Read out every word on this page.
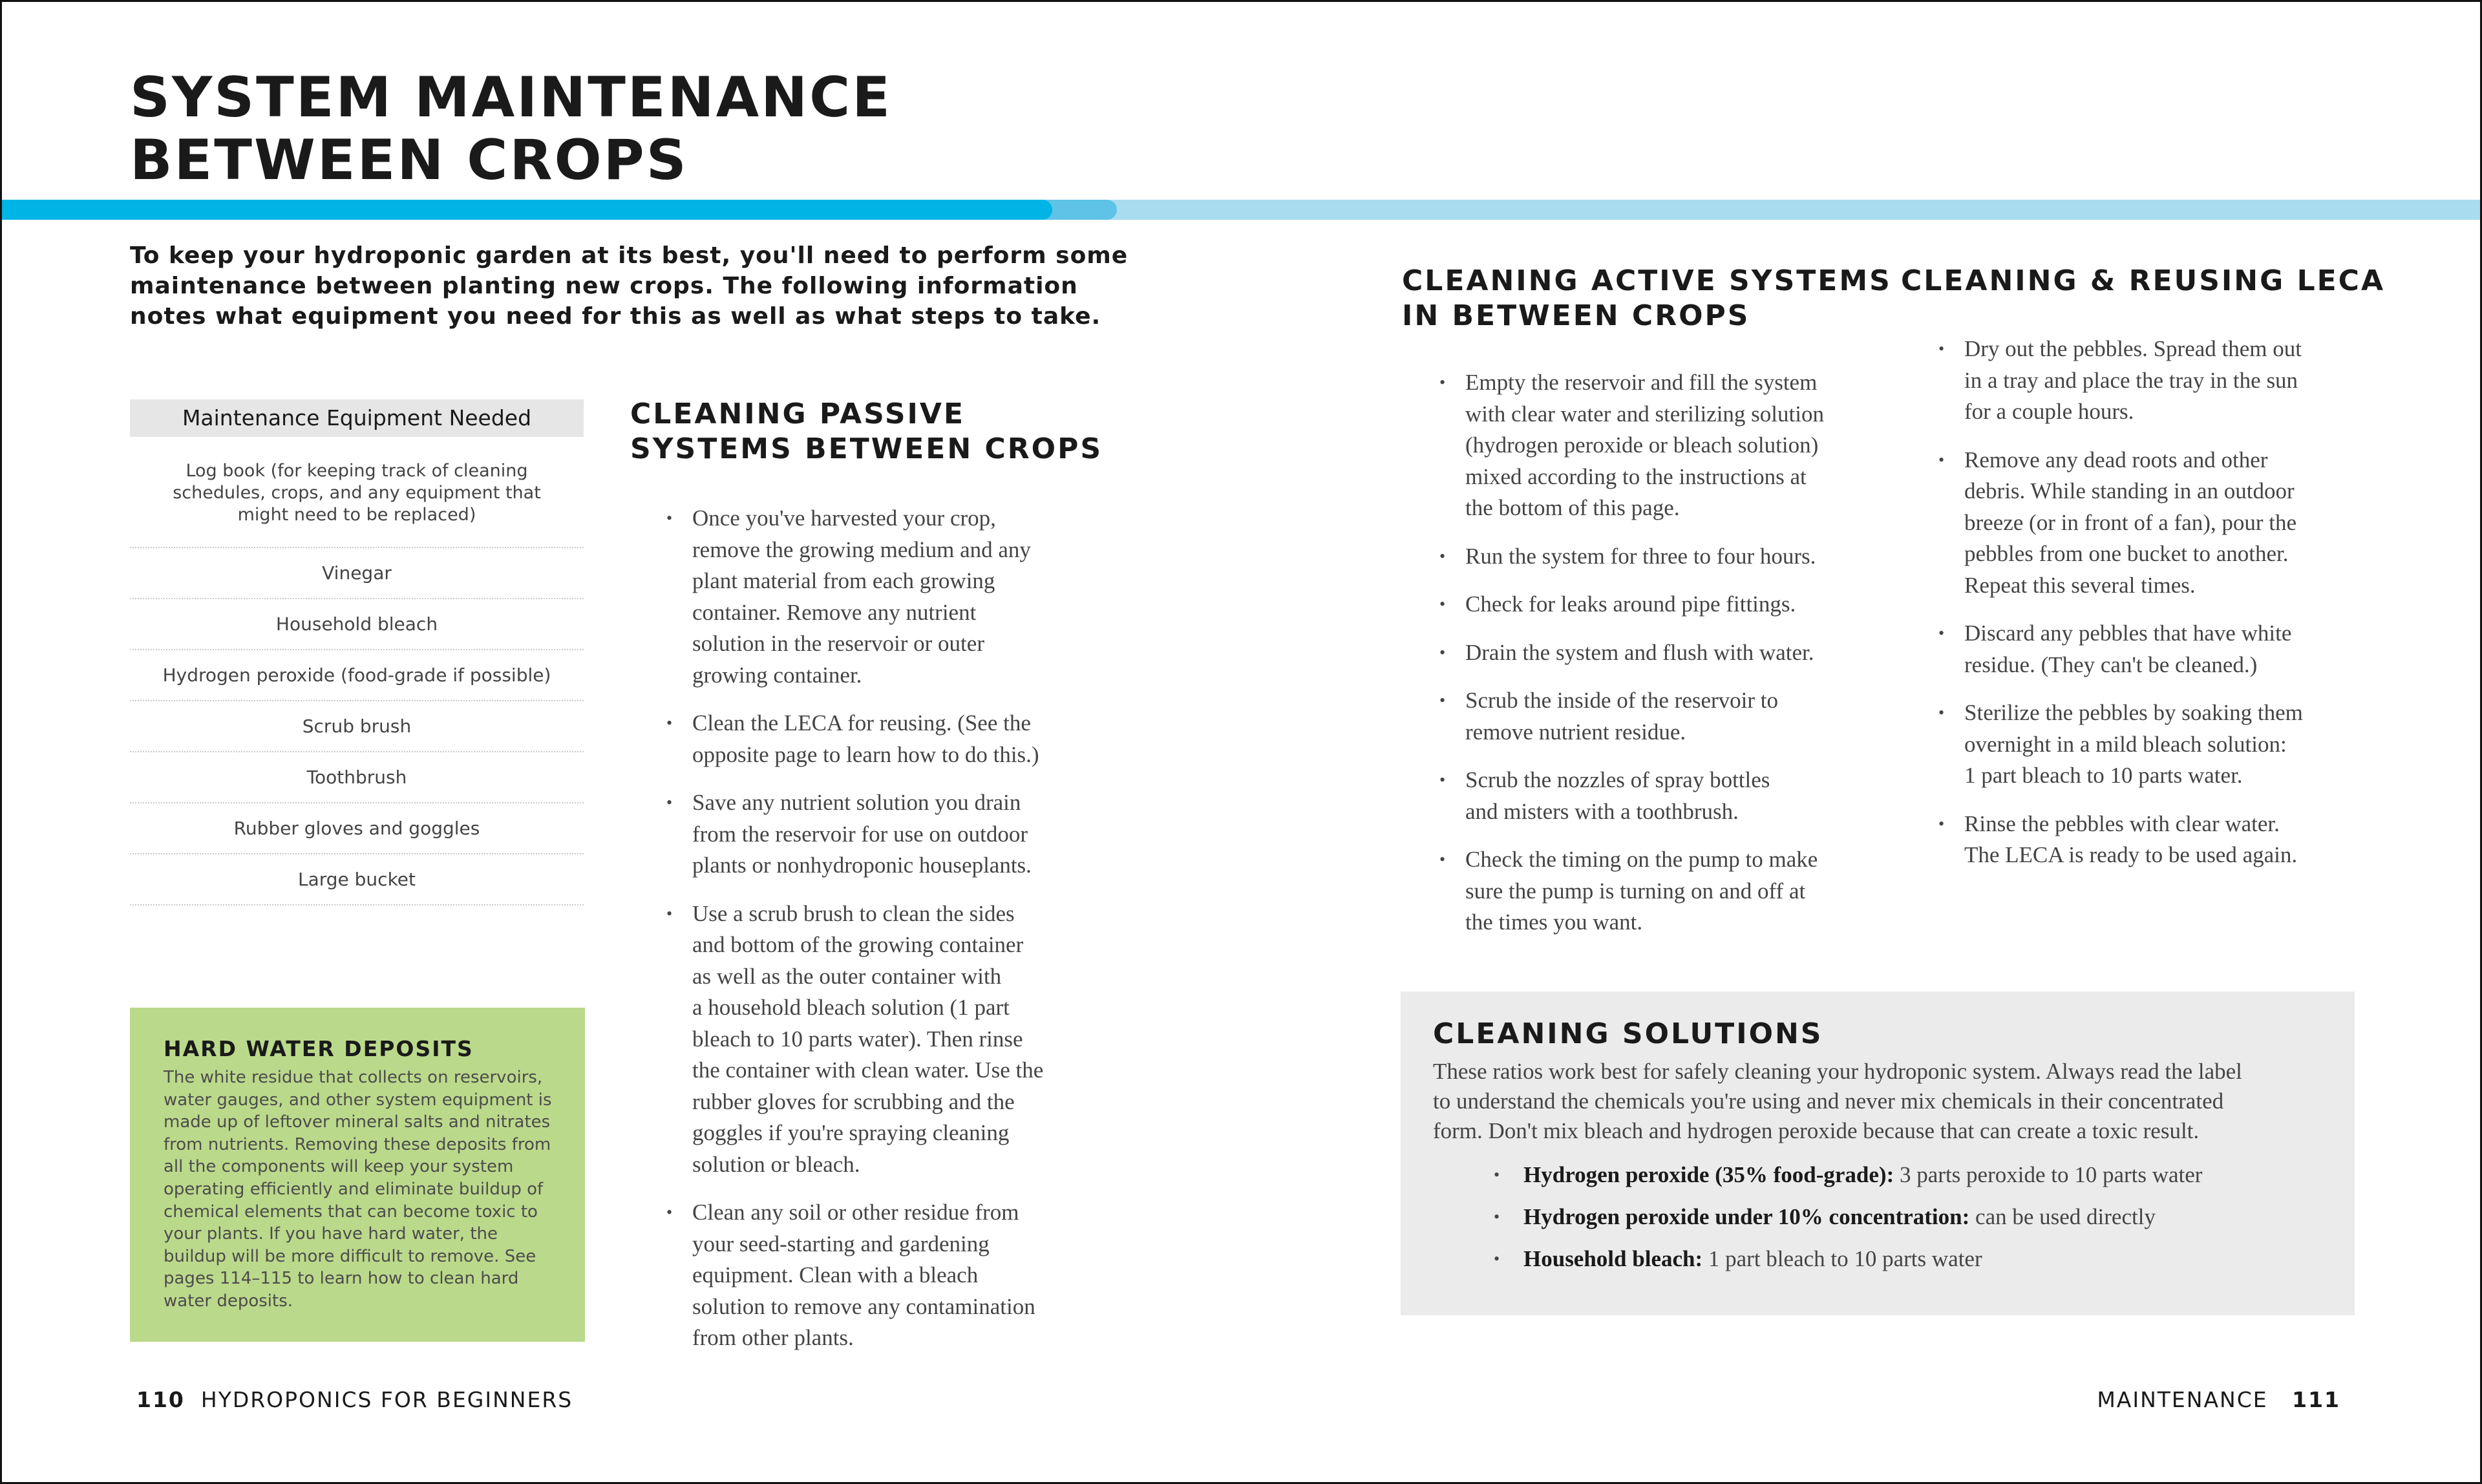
SYSTEM MAINTENANCE
BETWEEN CROPS

To keep your hydroponic garden at its best, you'll need to perform some maintenance between planting new crops. The following information notes what equipment you need for this as well as what steps to take.

Maintenance Equipment Needed
Log book (for keeping track of cleaning schedules, crops, and any equipment that might need to be replaced)
Vinegar
Household bleach
Hydrogen peroxide (food-grade if possible)
Scrub brush
Toothbrush
Rubber gloves and goggles
Large bucket
HARD WATER DEPOSITS

The white residue that collects on reservoirs, water gauges, and other system equipment is made up of leftover mineral salts and nitrates from nutrients. Removing these deposits from all the components will keep your system operating efficiently and eliminate buildup of chemical elements that can become toxic to your plants. If you have hard water, the buildup will be more difficult to remove. See pages 114–115 to learn how to clean hard water deposits.

CLEANING PASSIVE
SYSTEMS BETWEEN CROPS
• Once you've harvested your crop,
remove the growing medium and any
plant material from each growing
container. Remove any nutrient
solution in the reservoir or outer
growing container.
• Clean the LECA for reusing. (See the
opposite page to learn how to do this.)
• Save any nutrient solution you drain
from the reservoir for use on outdoor
plants or nonhydroponic houseplants.
• Use a scrub brush to clean the sides
and bottom of the growing container
as well as the outer container with
a household bleach solution (1 part
bleach to 10 parts water). Then rinse
the container with clean water. Use the
rubber gloves for scrubbing and the
goggles if you're spraying cleaning
solution or bleach.
• Clean any soil or other residue from
your seed-starting and gardening
equipment. Clean with a bleach
solution to remove any contamination
from other plants.
CLEANING ACTIVE SYSTEMS
IN BETWEEN CROPS
• Empty the reservoir and fill the system
with clear water and sterilizing solution
(hydrogen peroxide or bleach solution)
mixed according to the instructions at
the bottom of this page.
• Run the system for three to four hours.
• Check for leaks around pipe fittings.
• Drain the system and flush with water.
• Scrub the inside of the reservoir to
remove nutrient residue.
• Scrub the nozzles of spray bottles
and misters with a toothbrush.
• Check the timing on the pump to make
sure the pump is turning on and off at
the times you want.
CLEANING & REUSING LECA
• Dry out the pebbles. Spread them out
in a tray and place the tray in the sun
for a couple hours.
• Remove any dead roots and other
debris. While standing in an outdoor
breeze (or in front of a fan), pour the
pebbles from one bucket to another.
Repeat this several times.
• Discard any pebbles that have white
residue. (They can't be cleaned.)
• Sterilize the pebbles by soaking them
overnight in a mild bleach solution:
1 part bleach to 10 parts water.
• Rinse the pebbles with clear water.
The LECA is ready to be used again.
CLEANING SOLUTIONS

These ratios work best for safely cleaning your hydroponic system. Always read the label
to understand the chemicals you're using and never mix chemicals in their concentrated
form. Don't mix bleach and hydrogen peroxide because that can create a toxic result.

• Hydrogen peroxide (35% food-grade): 3 parts peroxide to 10 parts water
• Hydrogen peroxide under 10% concentration: can be used directly
• Household bleach: 1 part bleach to 10 parts water
110 HYDROPONICS FOR BEGINNERS	MAINTENANCE 111
